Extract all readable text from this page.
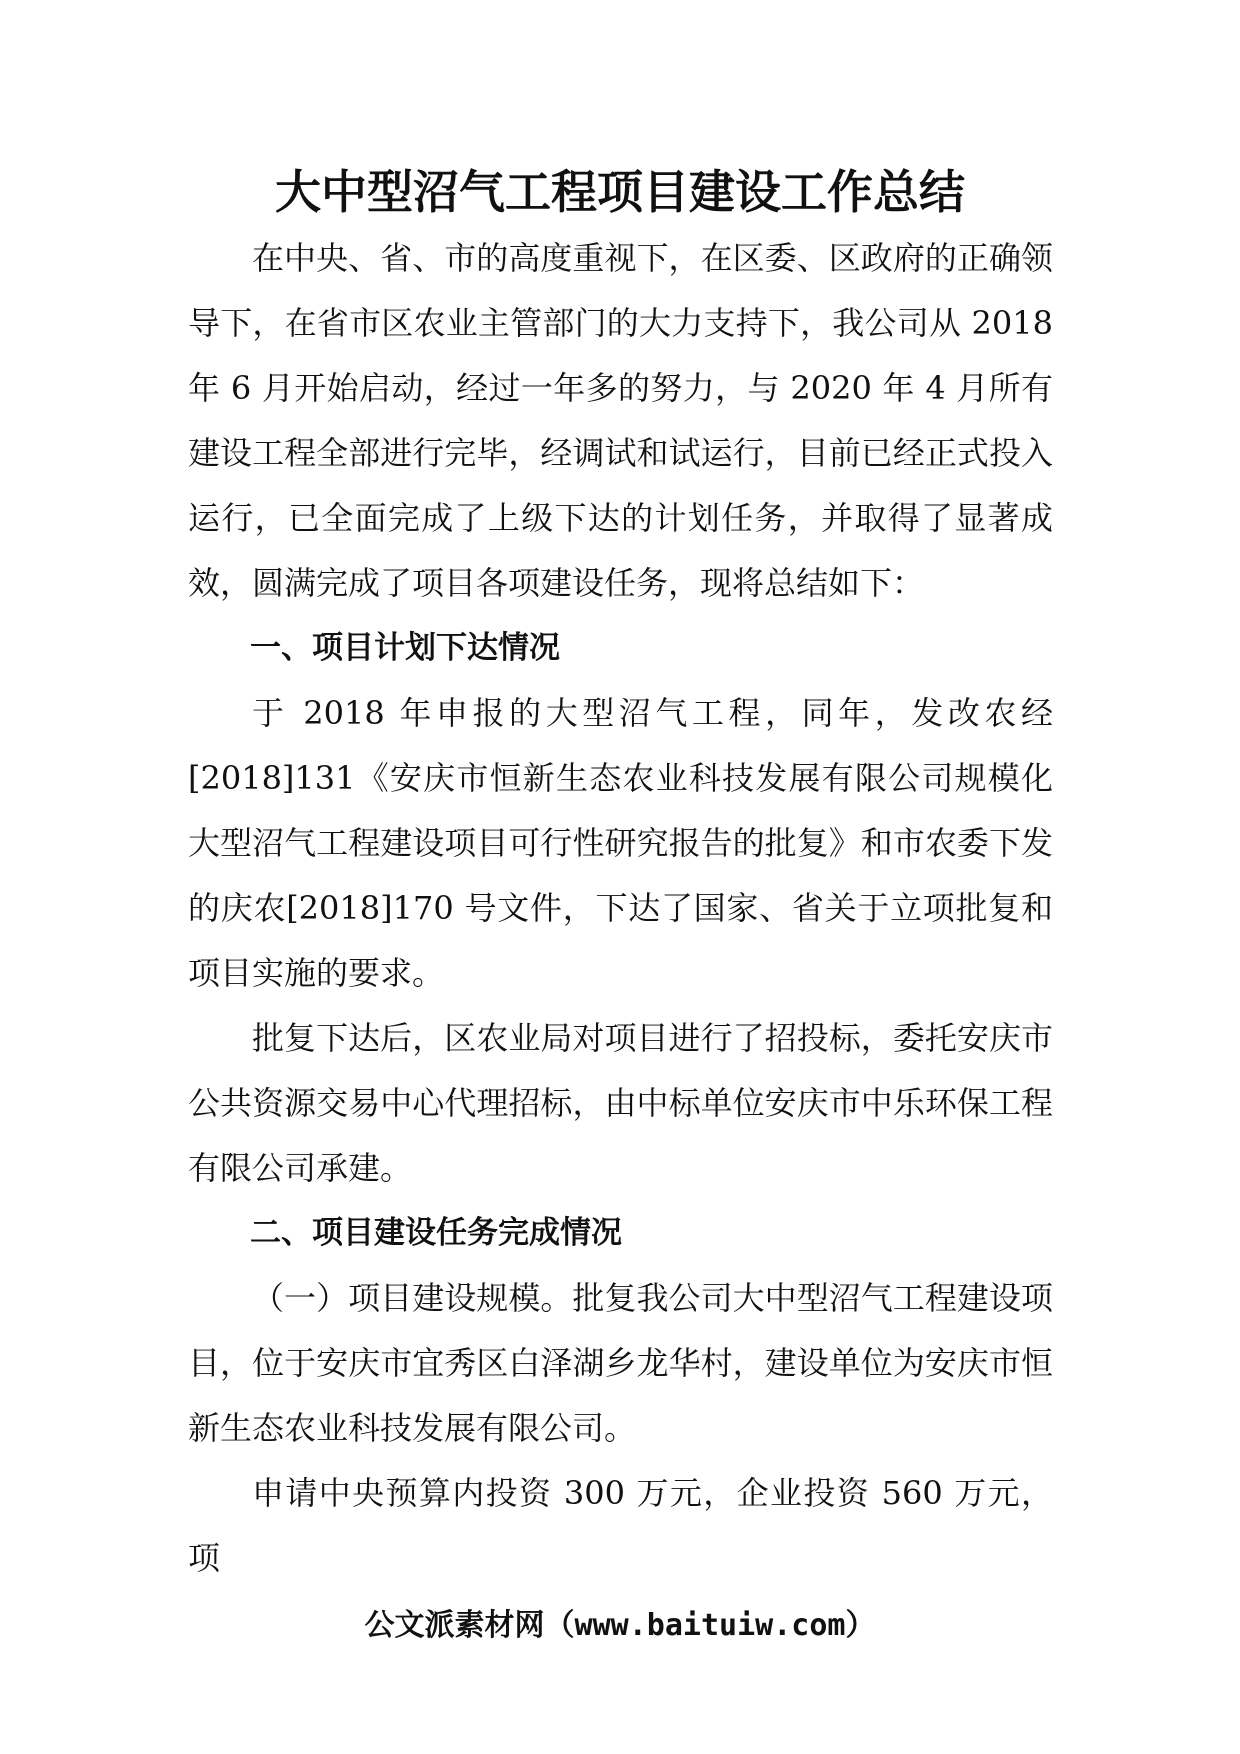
大中型沼气工程项目建设工作总结

在中央、省、市的高度重视下，在区委、区政府的正确领导下，在省市区农业主管部门的大力支持下，我公司从 2018 年 6 月开始启动，经过一年多的努力，与 2020 年 4 月所有建设工程全部进行完毕，经调试和试运行，目前已经正式投入运行，已全面完成了上级下达的计划任务，并取得了显著成效，圆满完成了项目各项建设任务，现将总结如下：

一、项目计划下达情况

于 2018 年申报的大型沼气工程，同年，发改农经 [2018]131《安庆市恒新生态农业科技发展有限公司规模化大型沼气工程建设项目可行性研究报告的批复》和市农委下发的庆农[2018]170 号文件，下达了国家、省关于立项批复和项目实施的要求。

批复下达后，区农业局对项目进行了招投标，委托安庆市公共资源交易中心代理招标，由中标单位安庆市中乐环保工程有限公司承建。

二、项目建设任务完成情况

（一）项目建设规模。批复我公司大中型沼气工程建设项目，位于安庆市宜秀区白泽湖乡龙华村，建设单位为安庆市恒新生态农业科技发展有限公司。

申请中央预算内投资 300 万元，企业投资 560 万元，项

公文派素材网（www.baituiw.com）
